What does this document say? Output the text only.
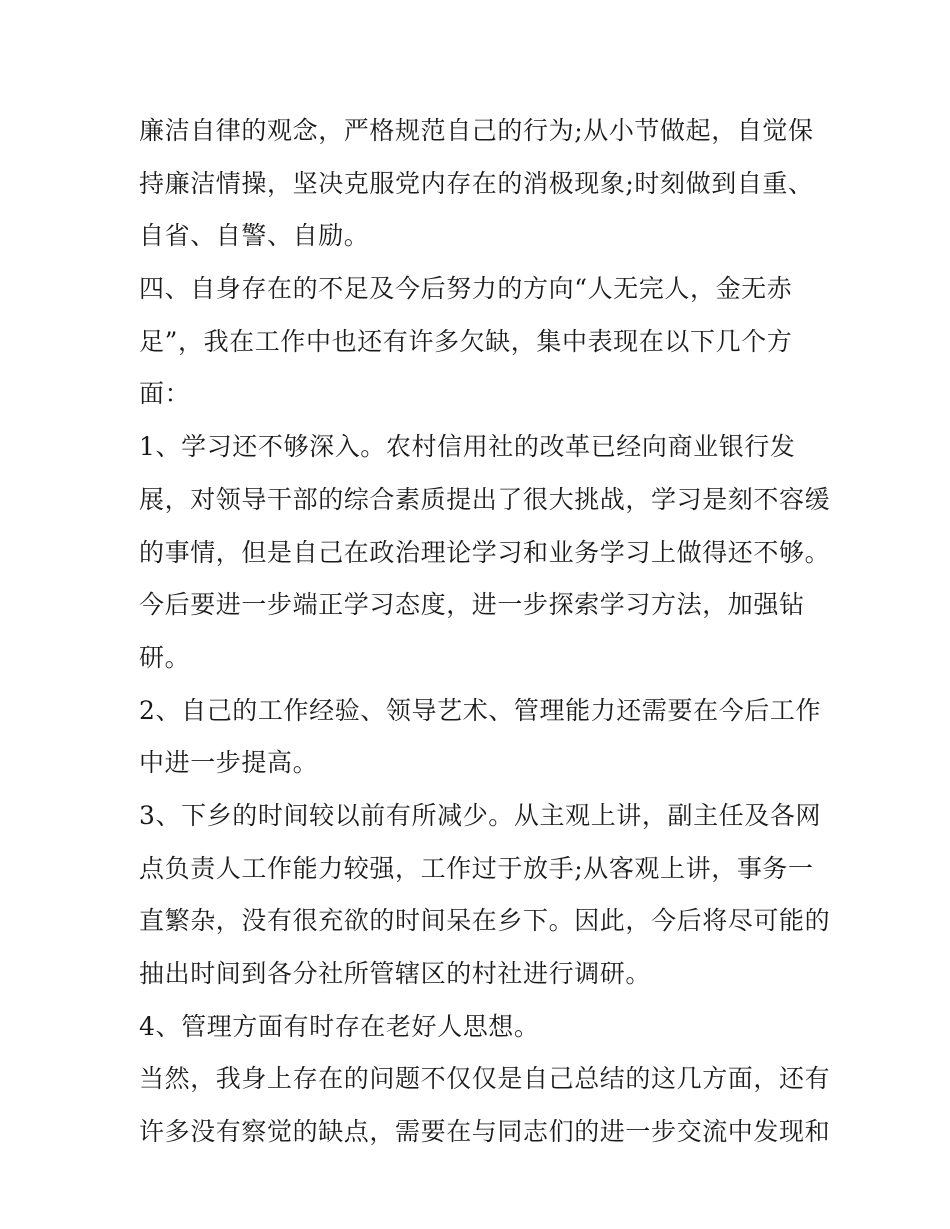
廉洁自律的观念，严格规范自己的行为;从小节做起，自觉保
持廉洁情操，坚决克服党内存在的消极现象;时刻做到自重、
自省、自警、自励。
四、自身存在的不足及今后努力的方向“人无完人，金无赤
足”，我在工作中也还有许多欠缺，集中表现在以下几个方
面：
1、学习还不够深入。农村信用社的改革已经向商业银行发
展，对领导干部的综合素质提出了很大挑战，学习是刻不容缓
的事情，但是自己在政治理论学习和业务学习上做得还不够。
今后要进一步端正学习态度，进一步探索学习方法，加强钻
研。
2、自己的工作经验、领导艺术、管理能力还需要在今后工作
中进一步提高。
3、下乡的时间较以前有所减少。从主观上讲，副主任及各网
点负责人工作能力较强，工作过于放手;从客观上讲，事务一
直繁杂，没有很充欲的时间呆在乡下。因此，今后将尽可能的
抽出时间到各分社所管辖区的村社进行调研。
4、管理方面有时存在老好人思想。
当然，我身上存在的问题不仅仅是自己总结的这几方面，还有
许多没有察觉的缺点，需要在与同志们的进一步交流中发现和
